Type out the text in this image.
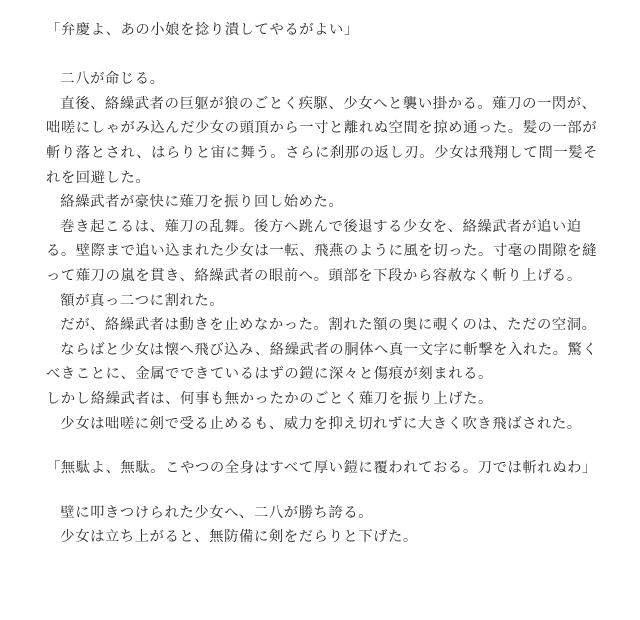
「弁慶よ、あの小娘を捻り潰してやるがよい」
二八が命じる。
直後、絡繰武者の巨躯が狼のごとく疾駆、少女へと襲い掛かる。薙刀の一閃が、
咄嗟にしゃがみ込んだ少女の頭頂から一寸と離れぬ空間を掠め通った。髪の一部が
斬り落とされ、はらりと宙に舞う。さらに刹那の返し刃。少女は飛翔して間一髪そ
れを回避した。
絡繰武者が豪快に薙刀を振り回し始めた。
巻き起こるは、薙刀の乱舞。後方へ跳んで後退する少女を、絡繰武者が追い迫
る。壁際まで追い込まれた少女は一転、飛燕のように風を切った。寸毫の間隙を縫
って薙刀の嵐を貫き、絡繰武者の眼前へ。頭部を下段から容赦なく斬り上げる。
額が真っ二つに割れた。
だが、絡繰武者は動きを止めなかった。割れた額の奥に覗くのは、ただの空洞。
ならばと少女は懐へ飛び込み、絡繰武者の胴体へ真一文字に斬撃を入れた。驚く
べきことに、金属でできているはずの鎧に深々と傷痕が刻まれる。
しかし絡繰武者は、何事も無かったかのごとく薙刀を振り上げた。
少女は咄嗟に剣で受る止めるも、威力を抑え切れずに大きく吹き飛ばされた。
「無駄よ、無駄。こやつの全身はすべて厚い鎧に覆われておる。刀では斬れぬわ」
壁に叩きつけられた少女へ、二八が勝ち誇る。
少女は立ち上がると、無防備に剣をだらりと下げた。
